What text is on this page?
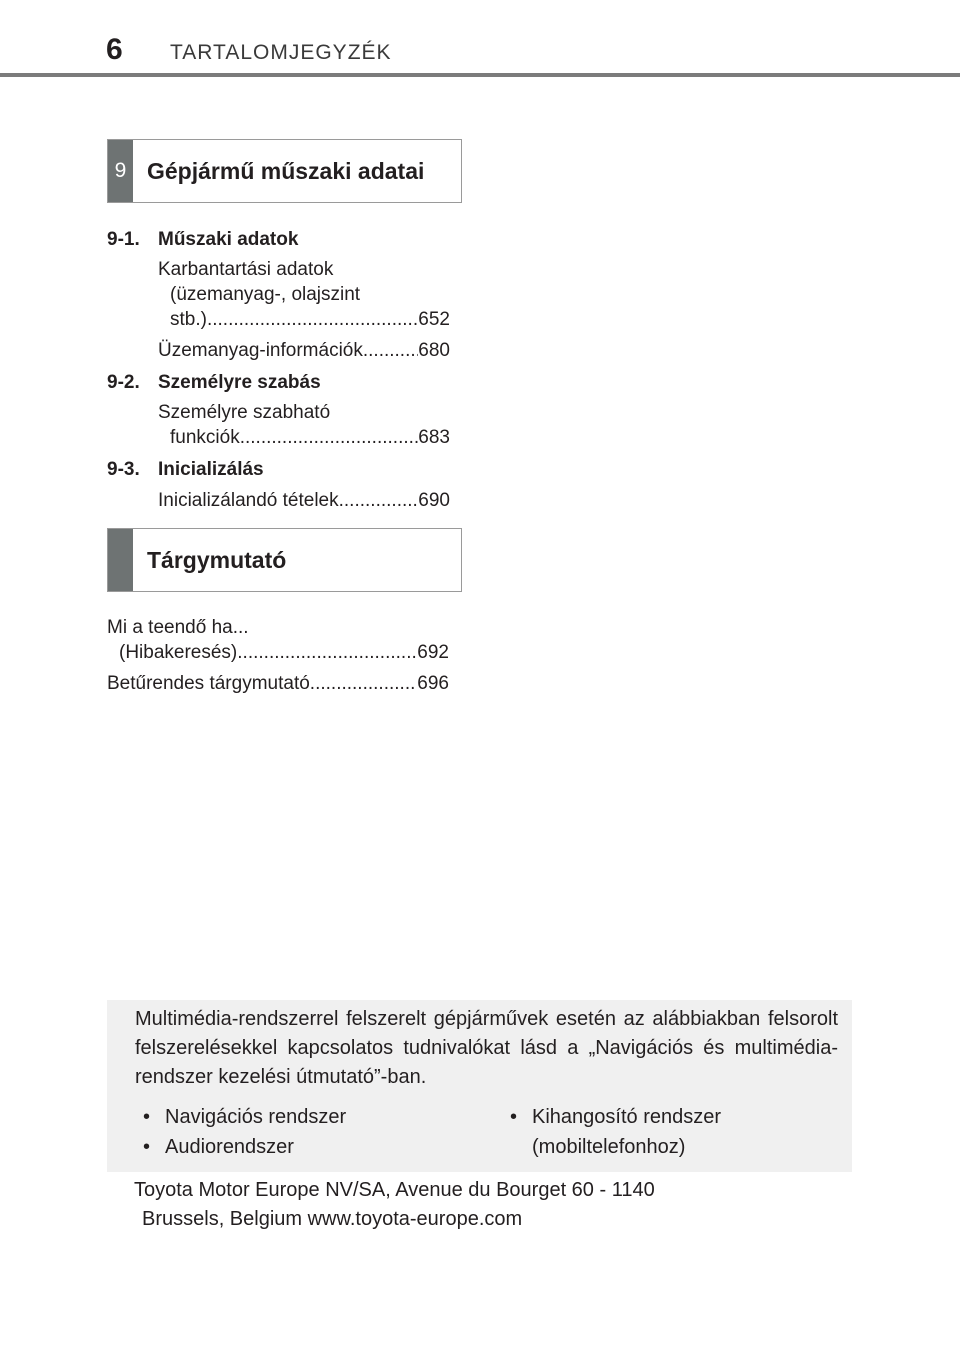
6 TARTALOMJEGYZÉK
9 Gépjármű műszaki adatai
9-1. Műszaki adatok
Karbantartási adatok
(üzemanyag-, olajszint
stb.) .....	652
Üzemanyag-információk .....	680
9-2. Személyre szabás
Személyre szabható
funkciók .....	683
9-3. Inicializálás
Inicializálandó tételek .....	690
Tárgymutató
Mi a teendő ha...
(Hibakeresés) .....	692
Betűrendes tárgymutató .....	696
Multimédia-rendszerrel felszerelt gépjárművek esetén az alábbiakban felsorolt felszerelésekkel kapcsolatos tudnivalókat lásd a „Navigációs és multimédia-rendszer kezelési útmutató”-ban.
• Navigációs rendszer
• Audiorendszer
• Kihangosító rendszer
(mobiltelefonhoz)
Toyota Motor Europe NV/SA, Avenue du Bourget 60 - 1140
Brussels, Belgium www.toyota-europe.com
